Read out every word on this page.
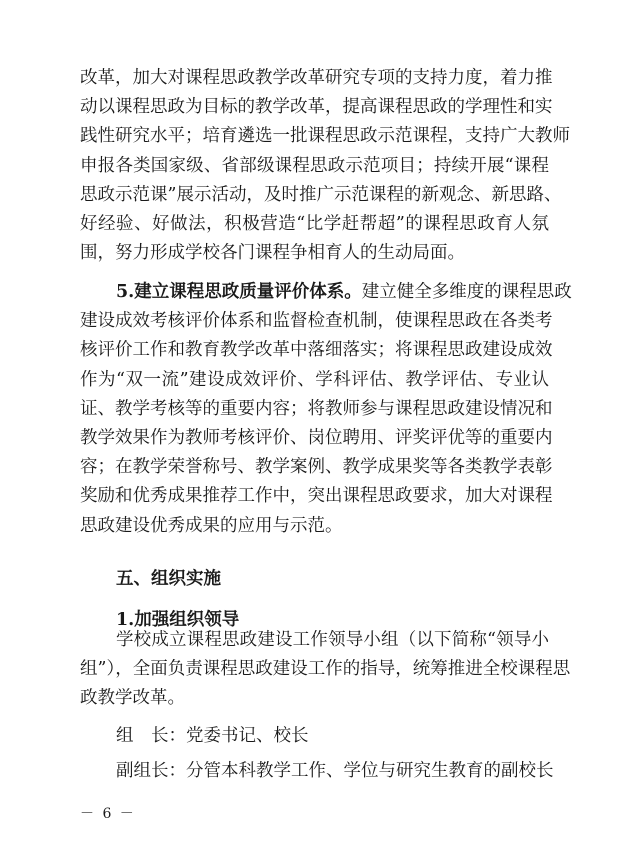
改革，加大对课程思政教学改革研究专项的支持力度，着力推
动以课程思政为目标的教学改革，提高课程思政的学理性和实
践性研究水平；培育遴选一批课程思政示范课程，支持广大教师
申报各类国家级、省部级课程思政示范项目；持续开展“课程
思政示范课”展示活动，及时推广示范课程的新观念、新思路、
好经验、好做法，积极营造“比学赶帮超”的课程思政育人氛
围，努力形成学校各门课程争相育人的生动局面。
5.建立课程思政质量评价体系。建立健全多维度的课程思政
建设成效考核评价体系和监督检查机制，使课程思政在各类考
核评价工作和教育教学改革中落细落实；将课程思政建设成效
作为“双一流”建设成效评价、学科评估、教学评估、专业认
证、教学考核等的重要内容；将教师参与课程思政建设情况和
教学效果作为教师考核评价、岗位聘用、评奖评优等的重要内
容；在教学荣誉称号、教学案例、教学成果奖等各类教学表彰
奖励和优秀成果推荐工作中，突出课程思政要求，加大对课程
思政建设优秀成果的应用与示范。
五、组织实施
1.加强组织领导
学校成立课程思政建设工作领导小组（以下简称“领导小
组”），全面负责课程思政建设工作的指导，统筹推进全校课程思
政教学改革。
组　长：党委书记、校长
副组长：分管本科教学工作、学位与研究生教育的副校长
－ 6 －
